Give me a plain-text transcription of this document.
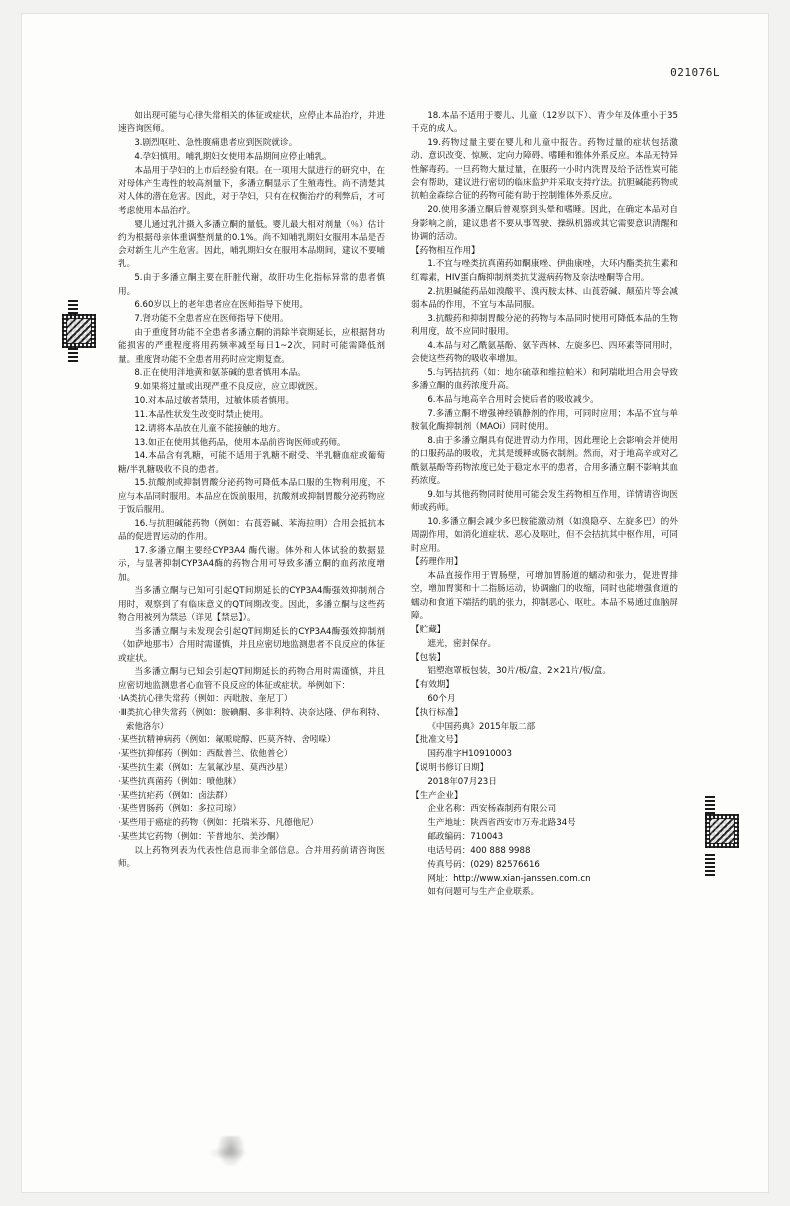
021076L

如出现可能与心律失常相关的体征或症状，应停止本品治疗，并进速咨询医师。

3.剧烈呕吐、急性腹痛患者应到医院就诊。

4.孕妇慎用。哺乳期妇女使用本品期间应停止哺乳。

本品用于孕妇的上市后经验有限。在一项用大鼠进行的研究中，在对母体产生毒性的较高剂量下，多潘立酮显示了生殖毒性。尚不清楚其对人体的潜在危害。因此，对于孕妇，只有在权衡治疗的利弊后，才可考虑使用本品治疗。

婴儿通过乳汁摄入多潘立酮的量低。婴儿最大相对剂量（％）估计约为根据母亲体重调整剂量的0.1%。尚不知哺乳期妇女服用本品是否会对新生儿产生危害。因此，哺乳期妇女在服用本品期间，建议不要哺乳。

5.由于多潘立酮主要在肝脏代谢，故肝功生化指标异常的患者慎用。

6.60岁以上的老年患者应在医师指导下使用。

7.肾功能不全患者应在医师指导下使用。

由于重度肾功能不全患者多潘立酮的消除半衰期延长，应根据肾功能损害的严重程度将用药频率减至每日1~2次，同时可能需降低剂量。重度肾功能不全患者用药时应定期复查。

8.正在使用泮地黄和氨茶碱的患者慎用本品。

9.如果将过量或出现严重不良反应，应立即就医。

10.对本品过敏者禁用，过敏体质者慎用。

11.本品性状发生改变时禁止使用。

12.请将本品放在儿童不能接触的地方。

13.如正在使用其他药品，使用本品前咨询医师或药师。

14.本品含有乳糖，可能不适用于乳糖不耐受、半乳糖血症或葡萄糖/半乳糖吸收不良的患者。

15.抗酸剂或抑制胃酸分泌药物可降低本品口服的生物利用度，不应与本品同时服用。本品应在饭前服用，抗酸剂或抑制胃酸分泌药物应于饭后服用。

16.与抗胆碱能药物（例如：右莨菪碱、苯海拉明）合用会抵抗本品的促进胃运动的作用。

17.多潘立酮主要经CYP3A4 酶代谢。体外和人体试验的数据显示，与显著抑制CYP3A4酶的药物合用可导致多潘立酮的血药浓度增加。

当多潘立酮与已知可引起QT间期延长的CYP3A4酶强效抑制剂合用时，观察到了有临床意义的QT间期改变。因此，多潘立酮与这些药物合用被列为禁忌（详见【禁忌】）。

当多潘立酮与未发现会引起QT间期延长的CYP3A4酶强效抑制剂（如萨地那韦）合用时需谨慎，并且应密切地监测患者不良反应的体征或症状。

当多潘立酮与已知会引起QT间期延长的药物合用时需谨慎，并且应密切地监测患者心血管不良反应的体征或症状。举例如下：

·IA类抗心律失常药（例如：丙吡胺、奎尼丁）

·Ⅲ类抗心律失常药（例如：胺碘酮、多非利特、决奈达隆、伊布利特、索他洛尔）

·某些抗精神病药（例如：氟哌啶醇、匹莫齐特、舍吲哚）

·某些抗抑郁药（例如：西酞普兰、依他普仑）

·某些抗生素（例如：左氧氟沙星、莫西沙星）

·某些抗真菌药（例如：喷他脒）

·某些抗疟药（例如：卤法群）

·某些胃肠药（例如：多拉司琼）

·某些用于癌症的药物（例如：托瑞米芬、凡德他尼）

·某些其它药物（例如：苄普地尔、美沙酮）

以上药物列表为代表性信息而非全部信息。合并用药前请咨询医师。

18.本品不适用于婴儿、儿童（12岁以下）、青少年及体重小于35千克的成人。

19.药物过量主要在婴儿和儿童中报告。药物过量的症状包括激动、意识改变、惊厥、定向力障碍、嗜睡和锥体外系反应。本品无特异性解毒药。一旦药物大量过量，在服药一小时内洗胃及给予活性炭可能会有帮助，建议进行密切的临床监护并采取支持疗法。抗胆碱能药物或抗帕金森综合征的药物可能有助于控制锥体外系反应。

20.使用多潘立酮后曾观察到头晕和嗜睡。因此，在确定本品对自身影响之前，建议患者不要从事驾驶、操纵机器或其它需要意识清醒和协调的活动。

【药物相互作用】

1.不宜与唑类抗真菌药如酮康唑、伊曲康唑，大环内酯类抗生素和红霉素，HIV蛋白酶抑制剂类抗艾滋病药物及奈法唑酮等合用。

2.抗胆碱能药品如溴酸平、溴丙胺太林、山莨菪碱、颠茄片等会减弱本品的作用，不宜与本品同服。

3.抗酸药和抑制胃酸分泌的药物与本品同时使用可降低本品的生物利用度，故不应同时服用。

4.本品与对乙酰氨基酚、氨苄西林、左旋多巴、四环素等同用时，会使这些药物的吸收率增加。

5.与钙拮抗药（如：地尔硫䓬和维拉帕米）和阿瑞吡坦合用会导致多潘立酮的血药浓度升高。

6.本品与地高辛合用时会使后者的吸收减少。

7.多潘立酮不增强神经镇静剂的作用，可同时应用；本品不宜与单胺氧化酶抑制剂（MAOi）同时使用。

8.由于多潘立酮具有促进胃动力作用，因此理论上会影响会并使用的口服药品的吸收，尤其是缓释或肠衣制剂。然而，对于地高辛或对乙酰氨基酚等药物浓度已处于稳定水平的患者，合用多潘立酮不影响其血药浓度。

9.如与其他药物同时使用可能会发生药物相互作用，详情请咨询医师或药师。

10.多潘立酮会减少多巴胺能激动剂（如溴隐亭、左旋多巴）的外周副作用，如消化道症状、恶心及呕吐，但不会拮抗其中枢作用，可同时应用。

【药理作用】

本品直接作用于胃肠壁，可增加胃肠道的蠕动和张力，促进胃排空，增加胃窦和十二指肠运动，协调幽门的收缩，同时也能增强食道的蠕动和食道下端括约肌的张力，抑制恶心、呕吐。本品不易通过血脑屏障。

【贮藏】

遮光，密封保存。

【包装】

铝塑泡罩板包装，30片/板/盒，2×21片/板/盒。

【有效期】

60个月

【执行标准】

《中国药典》2015年版二部

【批准文号】

国药准字H10910003

【说明书修订日期】

2018年07月23日

【生产企业】

企业名称：西安杨森制药有限公司

生产地址：陕西省西安市万寿北路34号

邮政编码：710043

电话号码：400 888 9988

传真号码：(029) 82576616

网址：http://www.xian-janssen.com.cn

如有问题可与生产企业联系。
